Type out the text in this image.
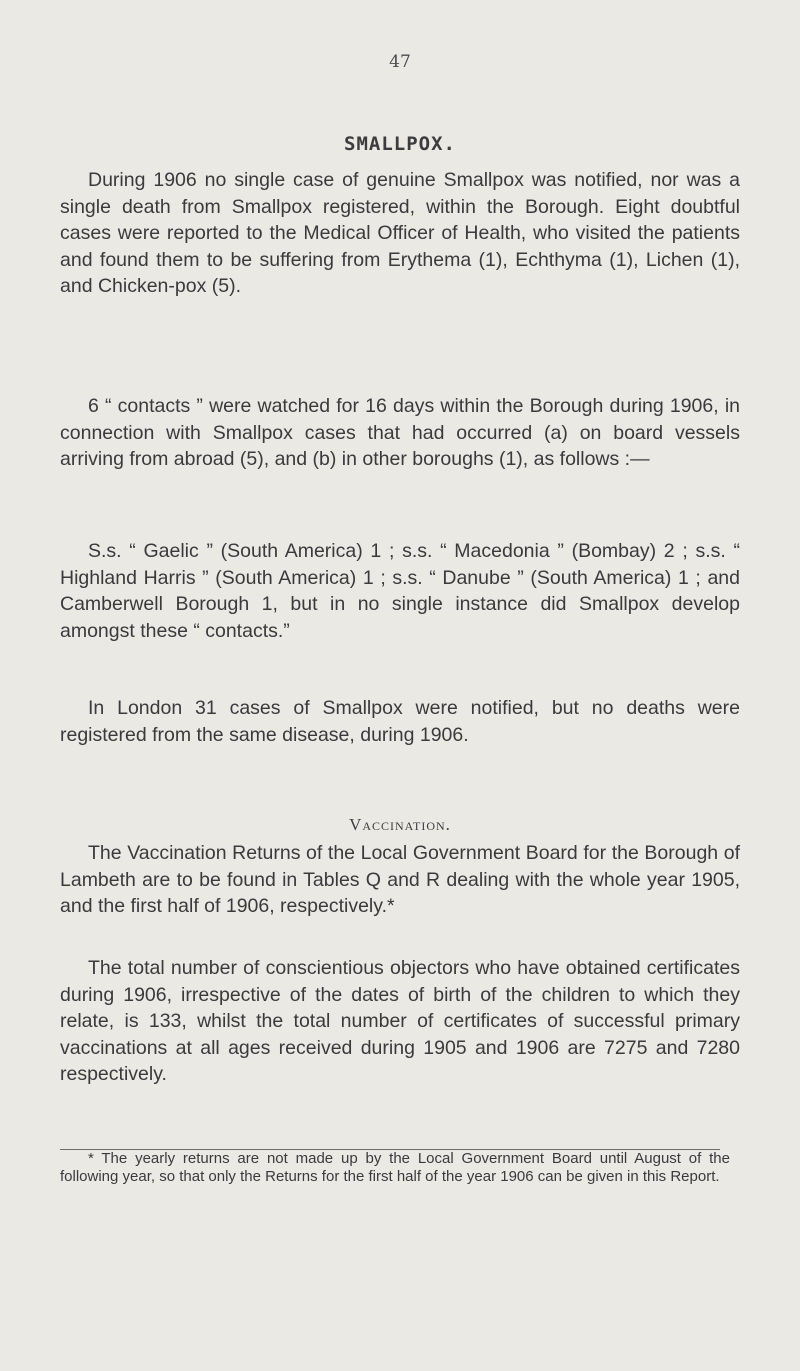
47
SMALLPOX.

During 1906 no single case of genuine Smallpox was notified, nor was a single death from Smallpox registered, within the Borough. Eight doubtful cases were reported to the Medical Officer of Health, who visited the patients and found them to be suffering from Erythema (1), Echthyma (1), Lichen (1), and Chicken-pox (5).

6 “ contacts ” were watched for 16 days within the Borough during 1906, in connection with Smallpox cases that had occurred (a) on board vessels arriving from abroad (5), and (b) in other boroughs (1), as follows :—

S.s. “ Gaelic ” (South America) 1 ; s.s. “ Macedonia ” (Bombay) 2 ; s.s. “ Highland Harris ” (South America) 1 ; s.s. “ Danube ” (South America) 1 ; and Camberwell Borough 1, but in no single instance did Smallpox develop amongst these “ contacts.”

In London 31 cases of Smallpox were notified, but no deaths were registered from the same disease, during 1906.

Vaccination.

The Vaccination Returns of the Local Government Board for the Borough of Lambeth are to be found in Tables Q and R dealing with the whole year 1905, and the first half of 1906, respectively.*

The total number of conscientious objectors who have obtained certificates during 1906, irrespective of the dates of birth of the children to which they relate, is 133, whilst the total number of certificates of successful primary vaccinations at all ages received during 1905 and 1906 are 7275 and 7280 respectively.

* The yearly returns are not made up by the Local Government Board until August of the following year, so that only the Returns for the first half of the year 1906 can be given in this Report.
